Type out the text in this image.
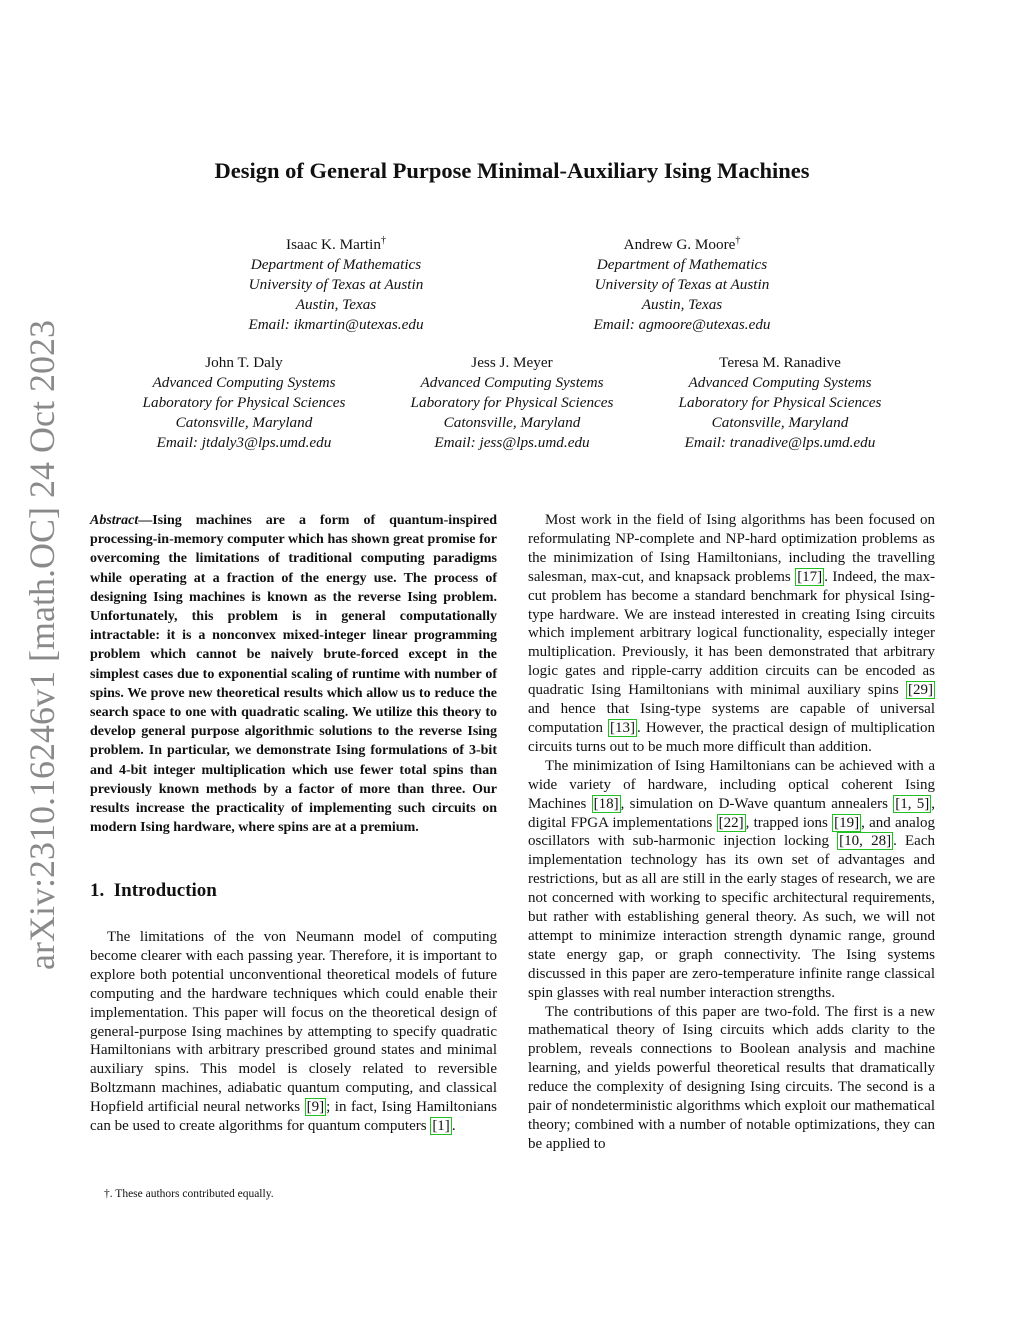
arXiv:2310.16246v1 [math.OC] 24 Oct 2023
Design of General Purpose Minimal-Auxiliary Ising Machines
Isaac K. Martin†
Department of Mathematics
University of Texas at Austin
Austin, Texas
Email: ikmartin@utexas.edu
Andrew G. Moore†
Department of Mathematics
University of Texas at Austin
Austin, Texas
Email: agmoore@utexas.edu
John T. Daly
Advanced Computing Systems
Laboratory for Physical Sciences
Catonsville, Maryland
Email: jtdaly3@lps.umd.edu
Jess J. Meyer
Advanced Computing Systems
Laboratory for Physical Sciences
Catonsville, Maryland
Email: jess@lps.umd.edu
Teresa M. Ranadive
Advanced Computing Systems
Laboratory for Physical Sciences
Catonsville, Maryland
Email: tranadive@lps.umd.edu
Abstract—Ising machines are a form of quantum-inspired processing-in-memory computer which has shown great promise for overcoming the limitations of traditional computing paradigms while operating at a fraction of the energy use. The process of designing Ising machines is known as the reverse Ising problem. Unfortunately, this problem is in general computationally intractable: it is a nonconvex mixed-integer linear programming problem which cannot be naively brute-forced except in the simplest cases due to exponential scaling of runtime with number of spins. We prove new theoretical results which allow us to reduce the search space to one with quadratic scaling. We utilize this theory to develop general purpose algorithmic solutions to the reverse Ising problem. In particular, we demonstrate Ising formulations of 3-bit and 4-bit integer multiplication which use fewer total spins than previously known methods by a factor of more than three. Our results increase the practicality of implementing such circuits on modern Ising hardware, where spins are at a premium.
1. Introduction

The limitations of the von Neumann model of computing become clearer with each passing year. Therefore, it is important to explore both potential unconventional theoretical models of future computing and the hardware techniques which could enable their implementation. This paper will focus on the theoretical design of general-purpose Ising machines by attempting to specify quadratic Hamiltonians with arbitrary prescribed ground states and minimal auxiliary spins. This model is closely related to reversible Boltzmann machines, adiabatic quantum computing, and classical Hopfield artificial neural networks [9] ; in fact, Ising Hamiltonians can be used to create algorithms for quantum computers [1] .

†. These authors contributed equally.

Most work in the field of Ising algorithms has been focused on reformulating NP-complete and NP-hard optimization problems as the minimization of Ising Hamiltonians, including the travelling salesman, max-cut, and knapsack problems [17] . Indeed, the max-cut problem has become a standard benchmark for physical Ising-type hardware. We are instead interested in creating Ising circuits which implement arbitrary logical functionality, especially integer multiplication. Previously, it has been demonstrated that arbitrary logic gates and ripple-carry addition circuits can be encoded as quadratic Ising Hamiltonians with minimal auxiliary spins [29] and hence that Ising-type systems are capable of universal computation [13] . However, the practical design of multiplication circuits turns out to be much more difficult than addition.

The minimization of Ising Hamiltonians can be achieved with a wide variety of hardware, including optical coherent Ising Machines [18] , simulation on D-Wave quantum annealers [1, 5] , digital FPGA implementations [22] , trapped ions [19] , and analog oscillators with sub-harmonic injection locking [10, 28] . Each implementation technology has its own set of advantages and restrictions, but as all are still in the early stages of research, we are not concerned with working to specific architectural requirements, but rather with establishing general theory. As such, we will not attempt to minimize interaction strength dynamic range, ground state energy gap, or graph connectivity. The Ising systems discussed in this paper are zero-temperature infinite range classical spin glasses with real number interaction strengths.

The contributions of this paper are two-fold. The first is a new mathematical theory of Ising circuits which adds clarity to the problem, reveals connections to Boolean analysis and machine learning, and yields powerful theoretical results that dramatically reduce the complexity of designing Ising circuits. The second is a pair of nondeterministic algorithms which exploit our mathematical theory; combined with a number of notable optimizations, they can be applied to
